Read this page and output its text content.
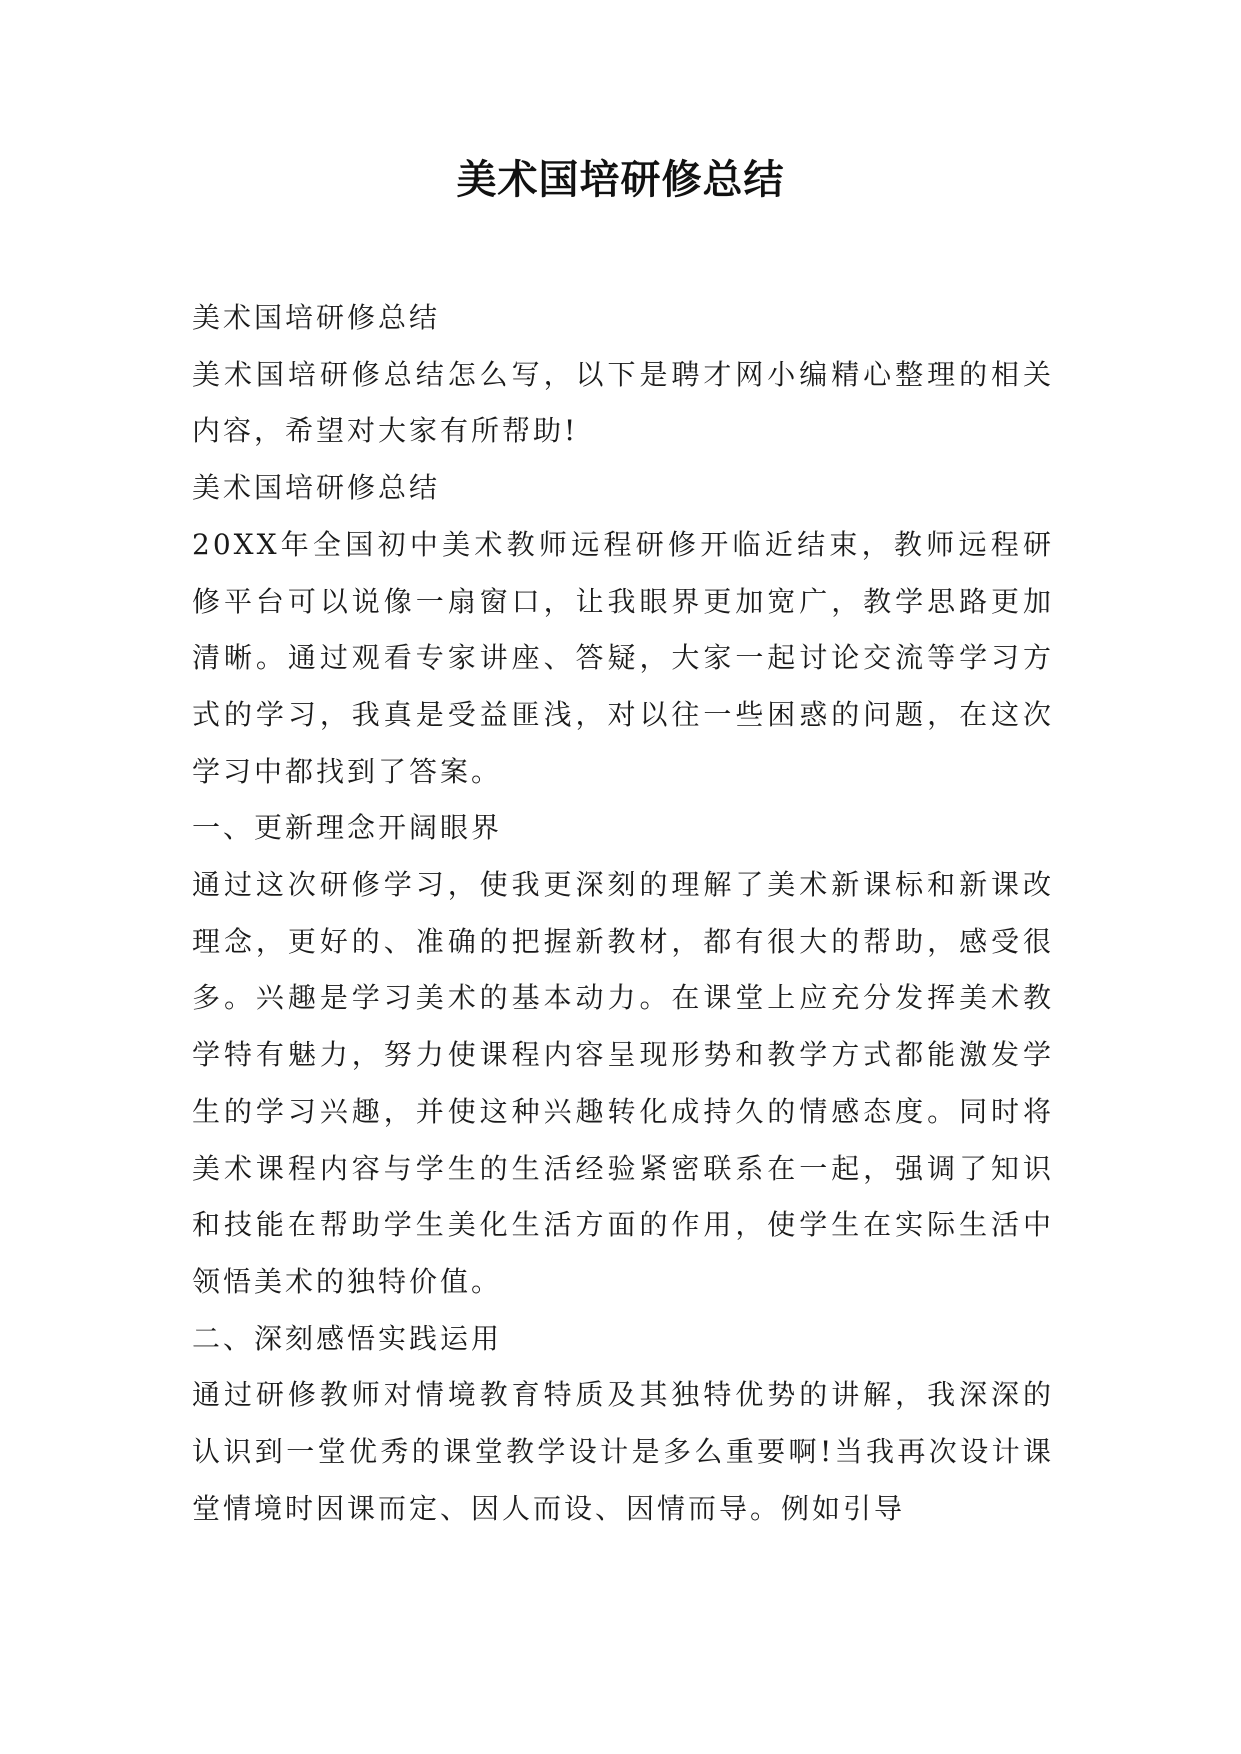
美术国培研修总结

美术国培研修总结

美术国培研修总结怎么写，以下是聘才网小编精心整理的相关内容，希望对大家有所帮助!

美术国培研修总结

20XX年全国初中美术教师远程研修开临近结束，教师远程研修平台可以说像一扇窗口，让我眼界更加宽广，教学思路更加清晰。通过观看专家讲座、答疑，大家一起讨论交流等学习方式的学习，我真是受益匪浅，对以往一些困惑的问题，在这次学习中都找到了答案。

一、更新理念开阔眼界

通过这次研修学习，使我更深刻的理解了美术新课标和新课改理念，更好的、准确的把握新教材，都有很大的帮助，感受很多。兴趣是学习美术的基本动力。在课堂上应充分发挥美术教学特有魅力，努力使课程内容呈现形势和教学方式都能激发学生的学习兴趣，并使这种兴趣转化成持久的情感态度。同时将美术课程内容与学生的生活经验紧密联系在一起，强调了知识和技能在帮助学生美化生活方面的作用，使学生在实际生活中领悟美术的独特价值。

二、深刻感悟实践运用

通过研修教师对情境教育特质及其独特优势的讲解，我深深的认识到一堂优秀的课堂教学设计是多么重要啊!当我再次设计课堂情境时因课而定、因人而设、因情而导。例如引导
